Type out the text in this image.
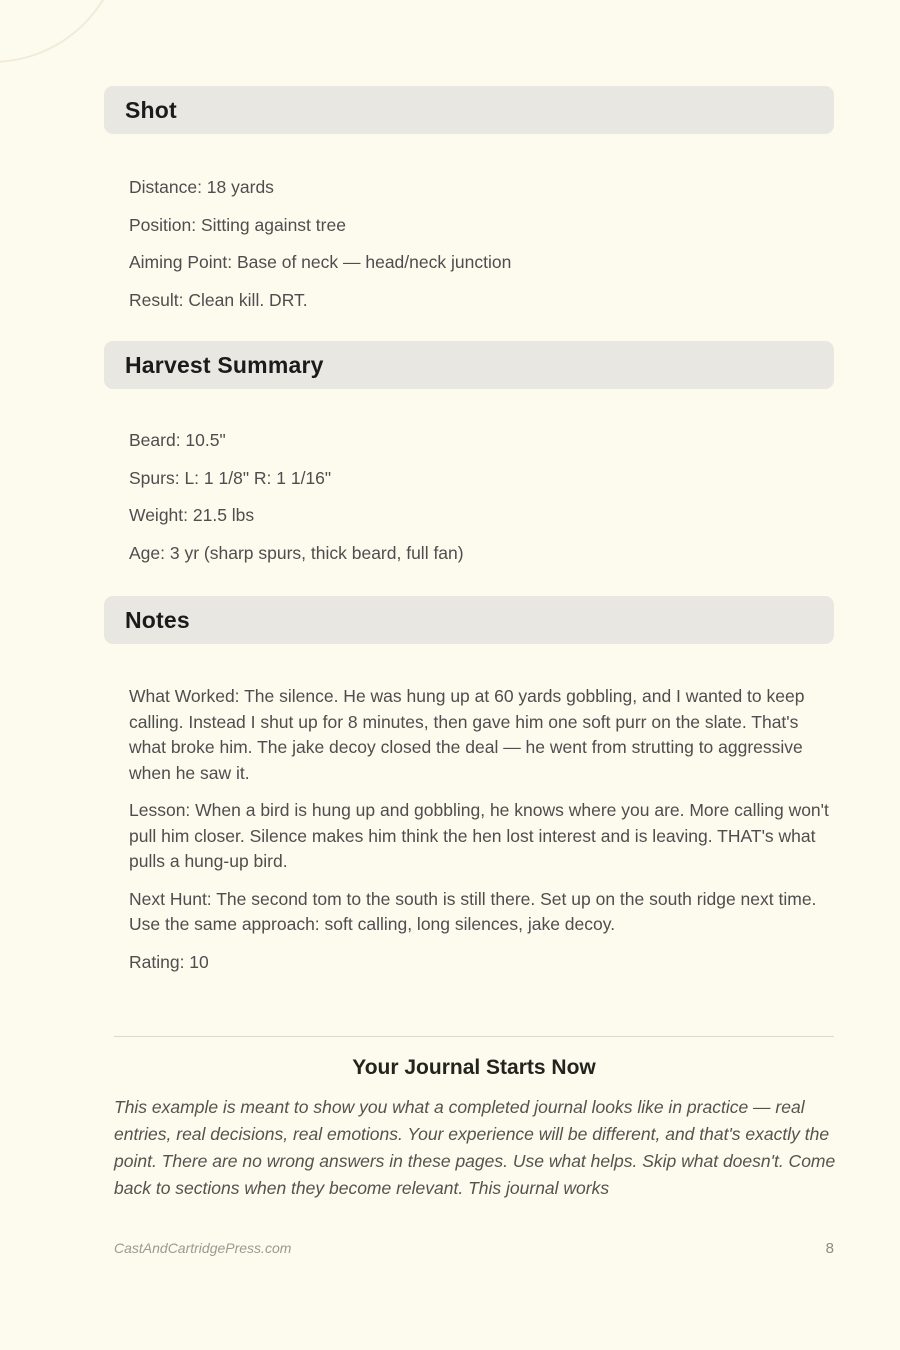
Shot

Distance: 18 yards

Position: Sitting against tree

Aiming Point: Base of neck — head/neck junction

Result: Clean kill. DRT.

Harvest Summary

Beard: 10.5"

Spurs: L: 1 1/8" R: 1 1/16"

Weight: 21.5 lbs

Age: 3 yr (sharp spurs, thick beard, full fan)

Notes

What Worked: The silence. He was hung up at 60 yards gobbling, and I wanted to keep calling. Instead I shut up for 8 minutes, then gave him one soft purr on the slate. That's what broke him. The jake decoy closed the deal — he went from strutting to aggressive when he saw it.

Lesson: When a bird is hung up and gobbling, he knows where you are. More calling won't pull him closer. Silence makes him think the hen lost interest and is leaving. THAT's what pulls a hung-up bird.

Next Hunt: The second tom to the south is still there. Set up on the south ridge next time. Use the same approach: soft calling, long silences, jake decoy.

Rating: 10

Your Journal Starts Now

This example is meant to show you what a completed journal looks like in practice — real entries, real decisions, real emotions. Your experience will be different, and that's exactly the point. There are no wrong answers in these pages. Use what helps. Skip what doesn't. Come back to sections when they become relevant. This journal works

CastAndCartridgePress.com	8
